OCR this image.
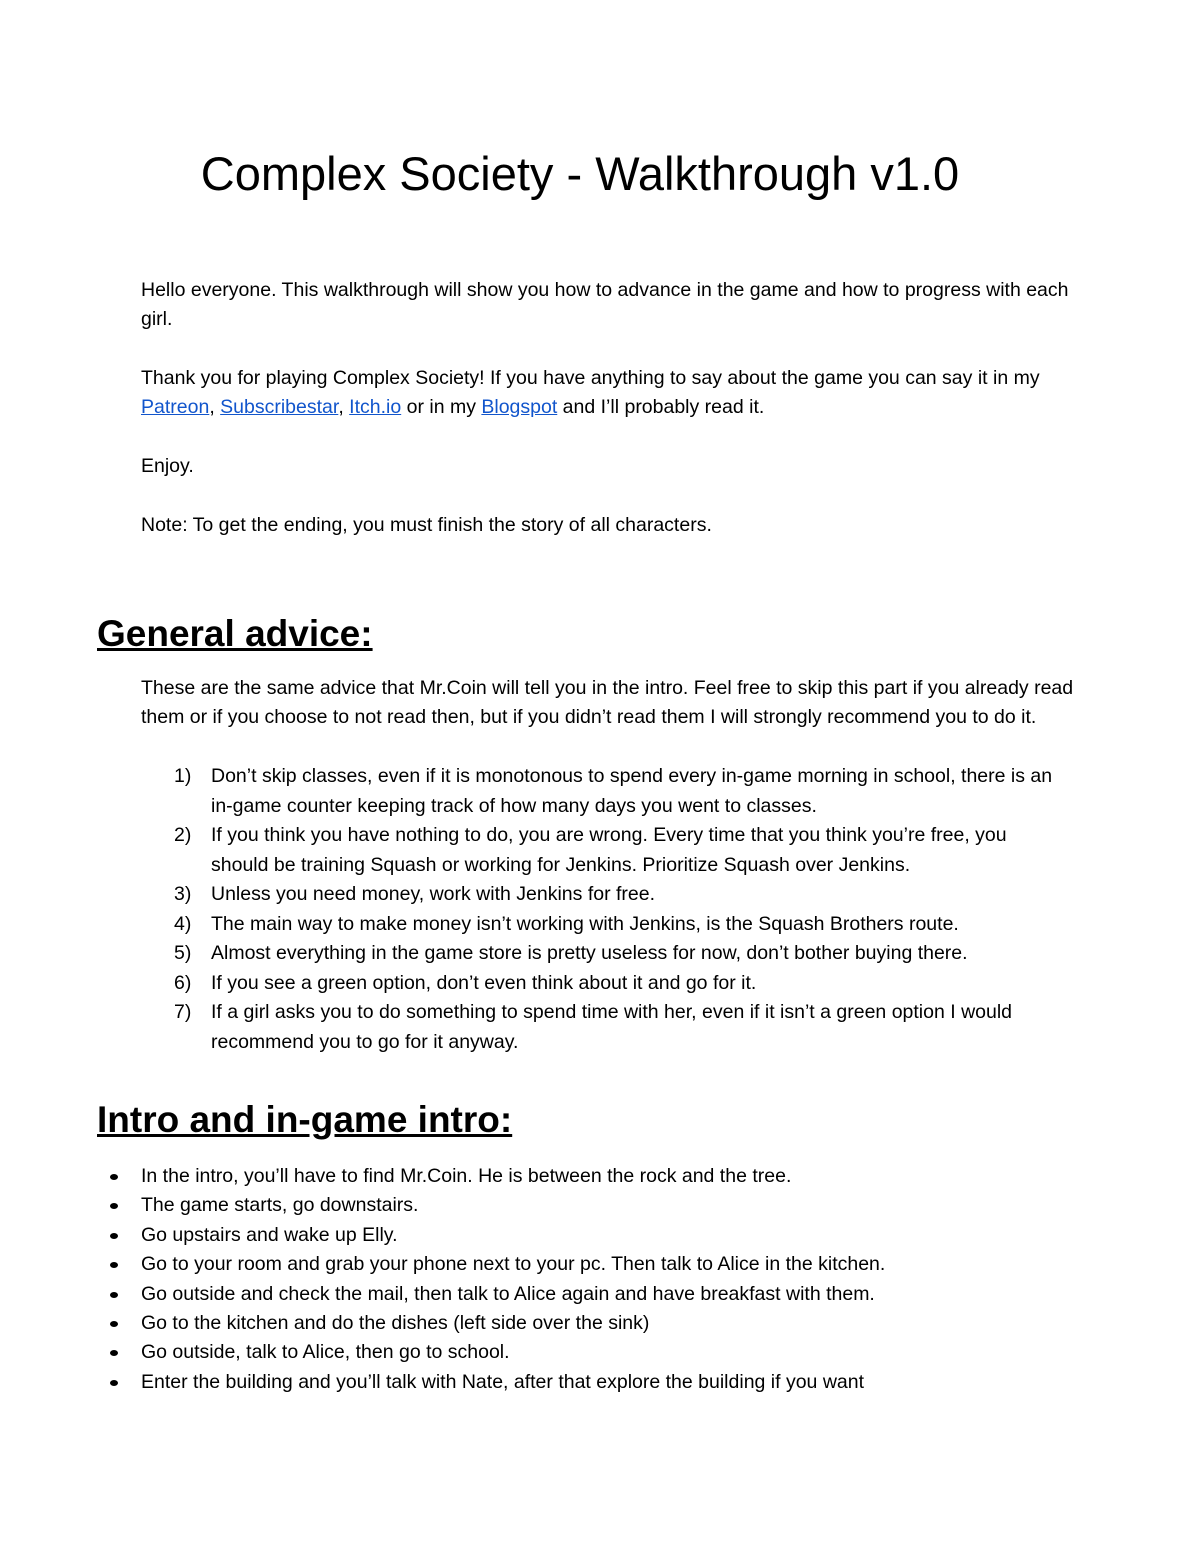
Complex Society - Walkthrough v1.0

Hello everyone. This walkthrough will show you how to advance in the game and how to progress with each girl.

Thank you for playing Complex Society! If you have anything to say about the game you can say it in my Patreon, Subscribestar, Itch.io or in my Blogspot and I’ll probably read it.

Enjoy.

Note: To get the ending, you must finish the story of all characters.

General advice:

These are the same advice that Mr.Coin will tell you in the intro. Feel free to skip this part if you already read them or if you choose to not read then, but if you didn’t read them I will strongly recommend you to do it.

1) Don’t skip classes, even if it is monotonous to spend every in-game morning in school, there is an in-game counter keeping track of how many days you went to classes.
2) If you think you have nothing to do, you are wrong. Every time that you think you’re free, you should be training Squash or working for Jenkins. Prioritize Squash over Jenkins.
3) Unless you need money, work with Jenkins for free.
4) The main way to make money isn’t working with Jenkins, is the Squash Brothers route.
5) Almost everything in the game store is pretty useless for now, don’t bother buying there.
6) If you see a green option, don’t even think about it and go for it.
7) If a girl asks you to do something to spend time with her, even if it isn’t a green option I would recommend you to go for it anyway.
Intro and in-game intro:
In the intro, you’ll have to find Mr.Coin. He is between the rock and the tree.
The game starts, go downstairs.
Go upstairs and wake up Elly.
Go to your room and grab your phone next to your pc. Then talk to Alice in the kitchen.
Go outside and check the mail, then talk to Alice again and have breakfast with them.
Go to the kitchen and do the dishes (left side over the sink)
Go outside, talk to Alice, then go to school.
Enter the building and you’ll talk with Nate, after that explore the building if you want
